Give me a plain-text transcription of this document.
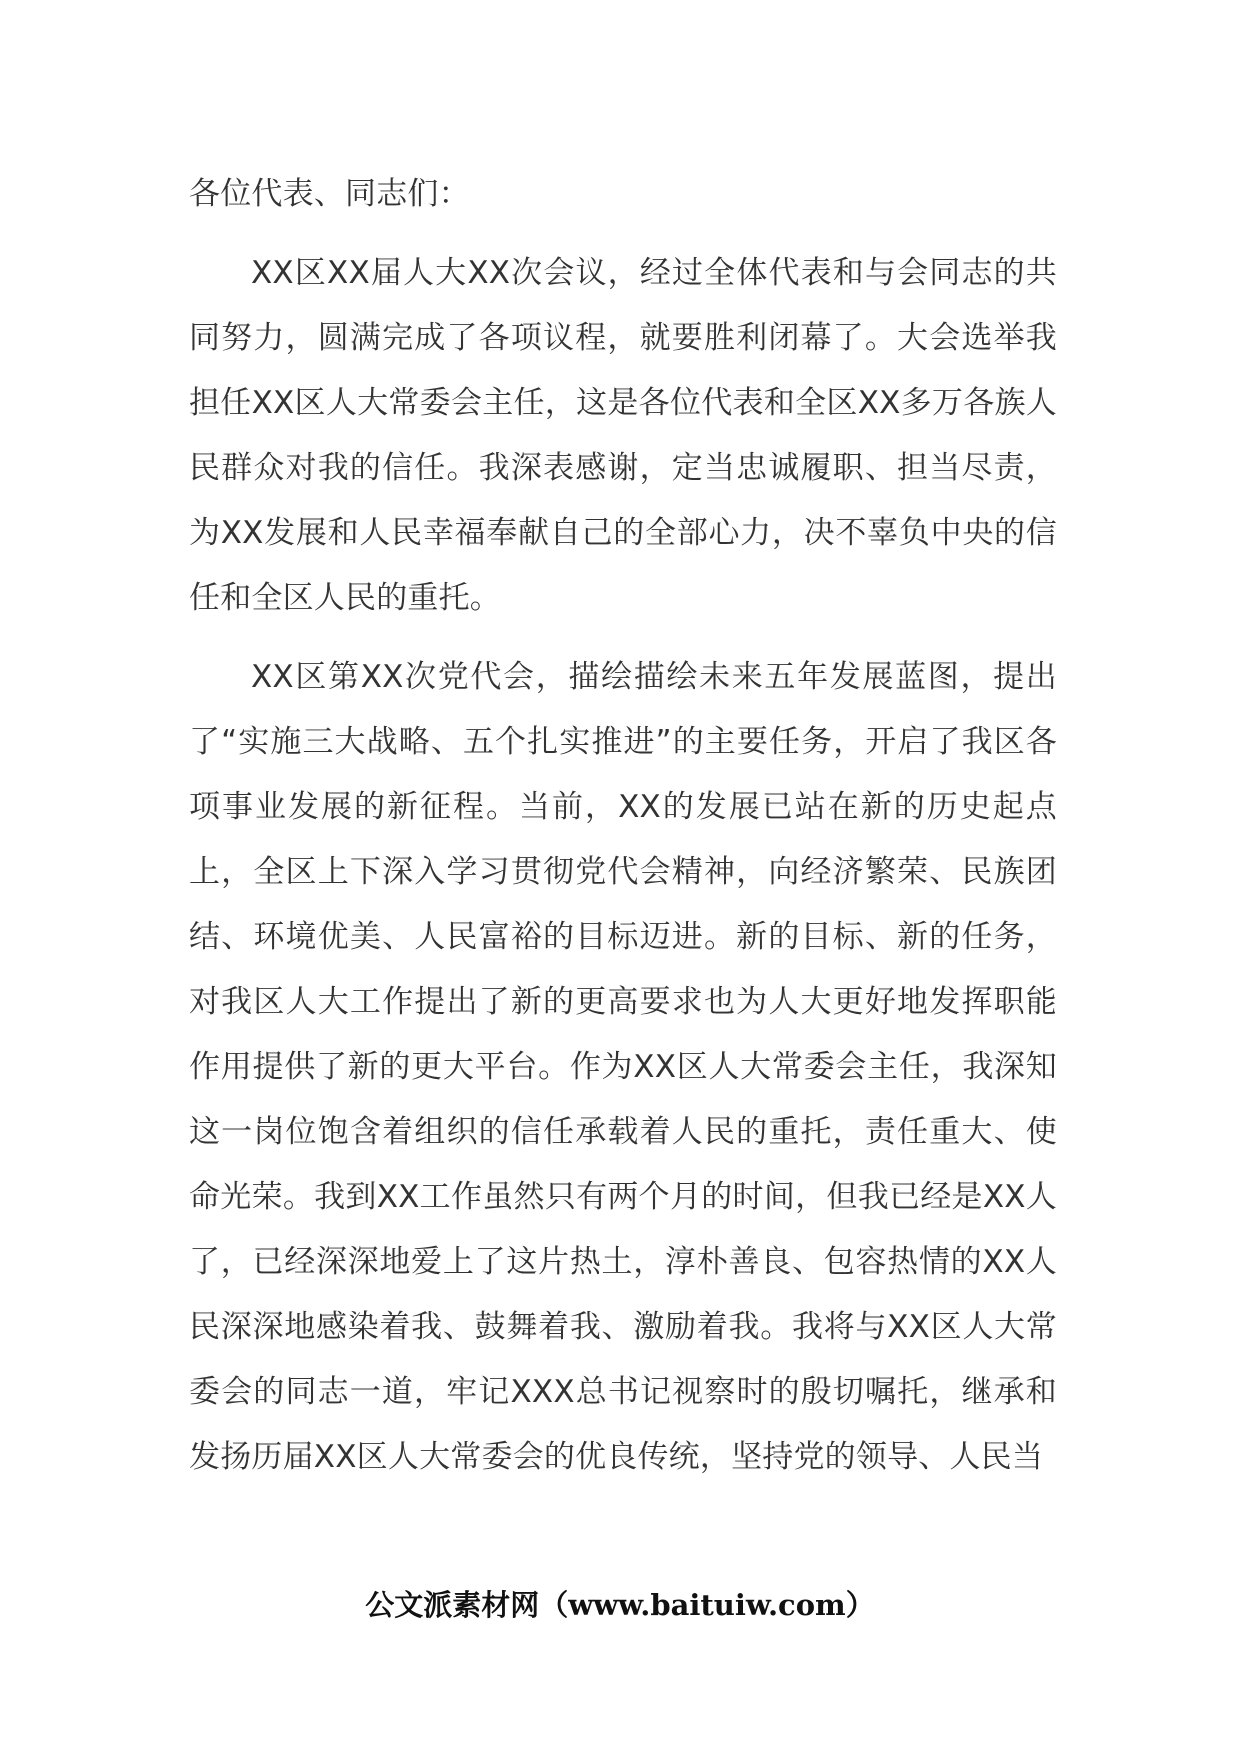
各位代表、同志们：

XX区XX届人大XX次会议，经过全体代表和与会同志的共同努力，圆满完成了各项议程，就要胜利闭幕了。大会选举我担任XX区人大常委会主任，这是各位代表和全区XX多万各族人民群众对我的信任。我深表感谢，定当忠诚履职、担当尽责，为XX发展和人民幸福奉献自己的全部心力，决不辜负中央的信任和全区人民的重托。

XX区第XX次党代会，描绘描绘未来五年发展蓝图，提出了“实施三大战略、五个扎实推进”的主要任务，开启了我区各项事业发展的新征程。当前，XX的发展已站在新的历史起点上，全区上下深入学习贯彻党代会精神，向经济繁荣、民族团结、环境优美、人民富裕的目标迈进。新的目标、新的任务，对我区人大工作提出了新的更高要求也为人大更好地发挥职能作用提供了新的更大平台。作为XX区人大常委会主任，我深知这一岗位饱含着组织的信任承载着人民的重托，责任重大、使命光荣。我到XX工作虽然只有两个月的时间，但我已经是XX人了，已经深深地爱上了这片热土，淳朴善良、包容热情的XX人民深深地感染着我、鼓舞着我、激励着我。我将与XX区人大常委会的同志一道，牢记XXX总书记视察时的殷切嘱托，继承和发扬历届XX区人大常委会的优良传统，坚持党的领导、人民当

公文派素材网（www.baituiw.com）
